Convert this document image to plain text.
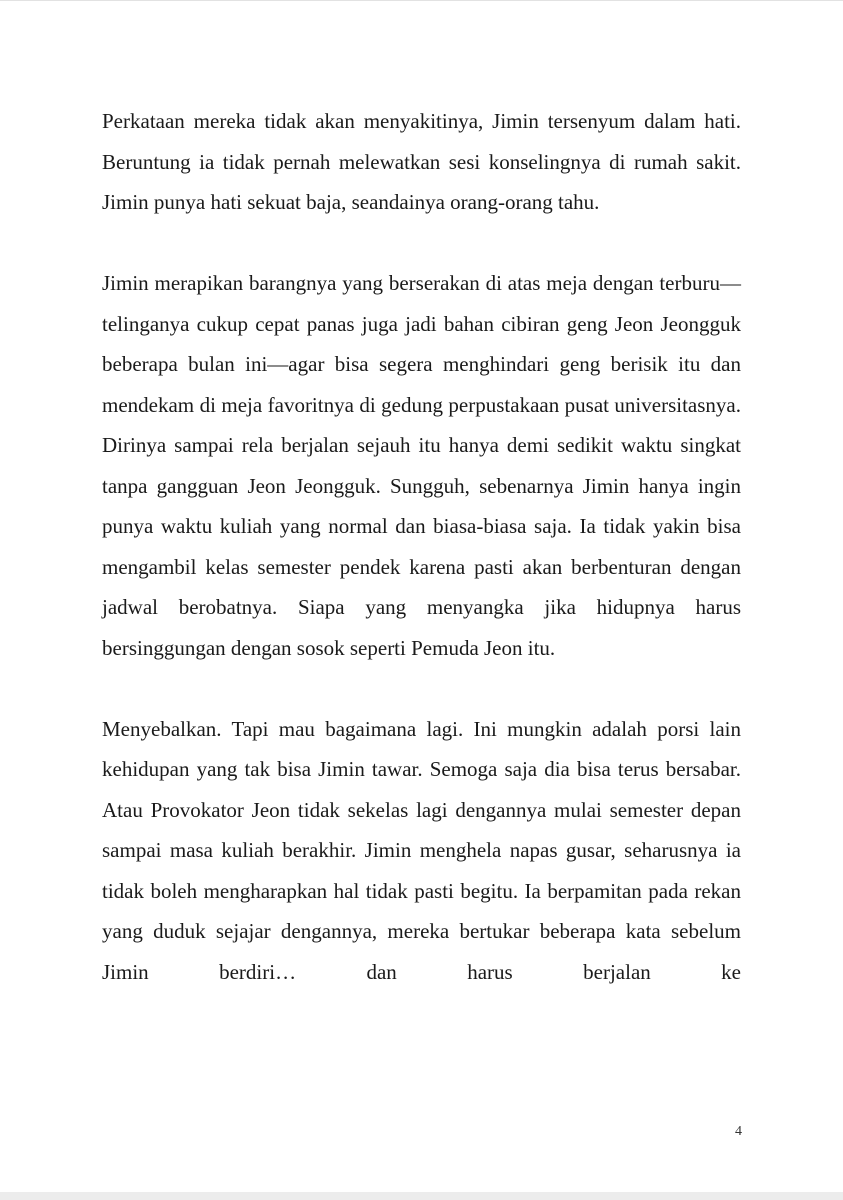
Perkataan mereka tidak akan menyakitinya, Jimin tersenyum dalam hati. Beruntung ia tidak pernah melewatkan sesi konselingnya di rumah sakit. Jimin punya hati sekuat baja, seandainya orang-orang tahu.

Jimin merapikan barangnya yang berserakan di atas meja dengan terburu—telinganya cukup cepat panas juga jadi bahan cibiran geng Jeon Jeongguk beberapa bulan ini—agar bisa segera menghindari geng berisik itu dan mendekam di meja favoritnya di gedung perpustakaan pusat universitasnya. Dirinya sampai rela berjalan sejauh itu hanya demi sedikit waktu singkat tanpa gangguan Jeon Jeongguk. Sungguh, sebenarnya Jimin hanya ingin punya waktu kuliah yang normal dan biasa-biasa saja. Ia tidak yakin bisa mengambil kelas semester pendek karena pasti akan berbenturan dengan jadwal berobatnya. Siapa yang menyangka jika hidupnya harus bersinggungan dengan sosok seperti Pemuda Jeon itu.

Menyebalkan. Tapi mau bagaimana lagi. Ini mungkin adalah porsi lain kehidupan yang tak bisa Jimin tawar. Semoga saja dia bisa terus bersabar. Atau Provokator Jeon tidak sekelas lagi dengannya mulai semester depan sampai masa kuliah berakhir. Jimin menghela napas gusar, seharusnya ia tidak boleh mengharapkan hal tidak pasti begitu. Ia berpamitan pada rekan yang duduk sejajar dengannya, mereka bertukar beberapa kata sebelum Jimin berdiri… dan harus berjalan ke

4
